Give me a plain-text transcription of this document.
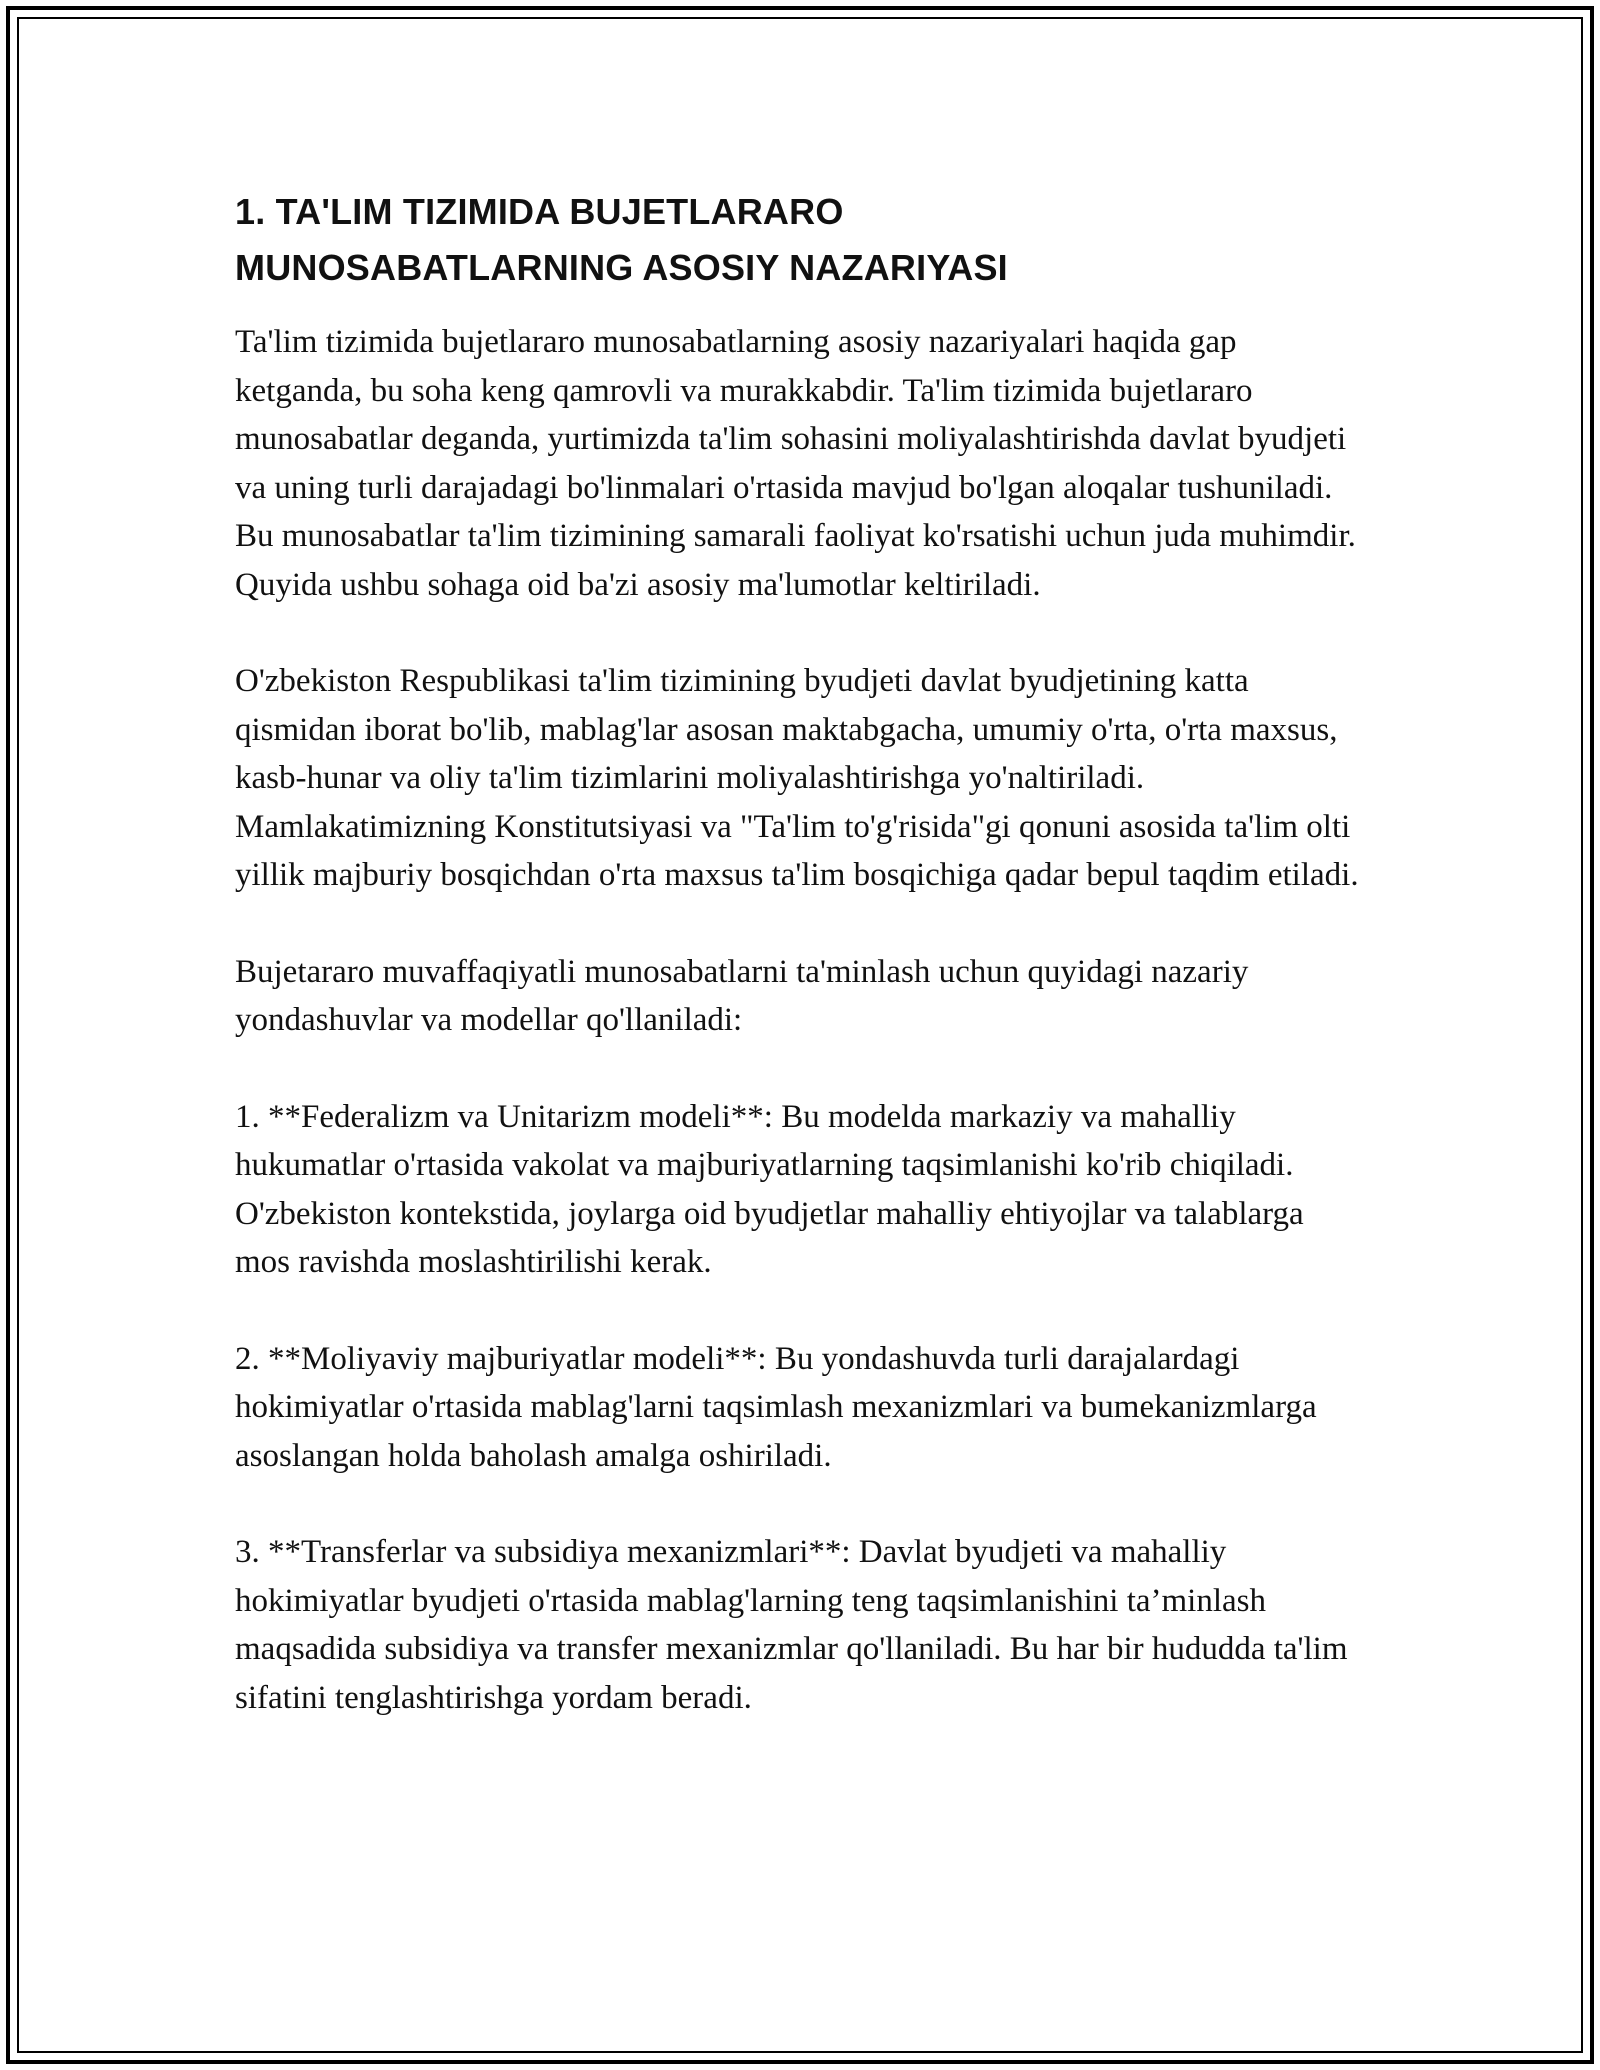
1. TA'LIM TIZIMIDA BUJETLARARO
MUNOSABATLARNING ASOSIY NAZARIYASI

Ta'lim tizimida bujetlararo munosabatlarning asosiy nazariyalari haqida gap ketganda, bu soha keng qamrovli va murakkabdir. Ta'lim tizimida bujetlararo munosabatlar deganda, yurtimizda ta'lim sohasini moliyalashtirishda davlat byudjeti va uning turli darajadagi bo'linmalari o'rtasida mavjud bo'lgan aloqalar tushuniladi. Bu munosabatlar ta'lim tizimining samarali faoliyat ko'rsatishi uchun juda muhimdir. Quyida ushbu sohaga oid ba'zi asosiy ma'lumotlar keltiriladi.

O'zbekiston Respublikasi ta'lim tizimining byudjeti davlat byudjetining katta qismidan iborat bo'lib, mablag'lar asosan maktabgacha, umumiy o'rta, o'rta maxsus, kasb-hunar va oliy ta'lim tizimlarini moliyalashtirishga yo'naltiriladi. Mamlakatimizning Konstitutsiyasi va "Ta'lim to'g'risida"gi qonuni asosida ta'lim olti yillik majburiy bosqichdan o'rta maxsus ta'lim bosqichiga qadar bepul taqdim etiladi.

Bujetararo muvaffaqiyatli munosabatlarni ta'minlash uchun quyidagi nazariy yondashuvlar va modellar qo'llaniladi:

1. **Federalizm va Unitarizm modeli**: Bu modelda markaziy va mahalliy hukumatlar o'rtasida vakolat va majburiyatlarning taqsimlanishi ko'rib chiqiladi. O'zbekiston kontekstida, joylarga oid byudjetlar mahalliy ehtiyojlar va talablarga mos ravishda moslashtirilishi kerak.

2. **Moliyaviy majburiyatlar modeli**: Bu yondashuvda turli darajalardagi hokimiyatlar o'rtasida mablag'larni taqsimlash mexanizmlari va bumekanizmlarga asoslangan holda baholash amalga oshiriladi.

3. **Transferlar va subsidiya mexanizmlari**: Davlat byudjeti va mahalliy hokimiyatlar byudjeti o'rtasida mablag'larning teng taqsimlanishini ta’minlash maqsadida subsidiya va transfer mexanizmlar qo'llaniladi. Bu har bir hududda ta'lim sifatini tenglashtirishga yordam beradi.
